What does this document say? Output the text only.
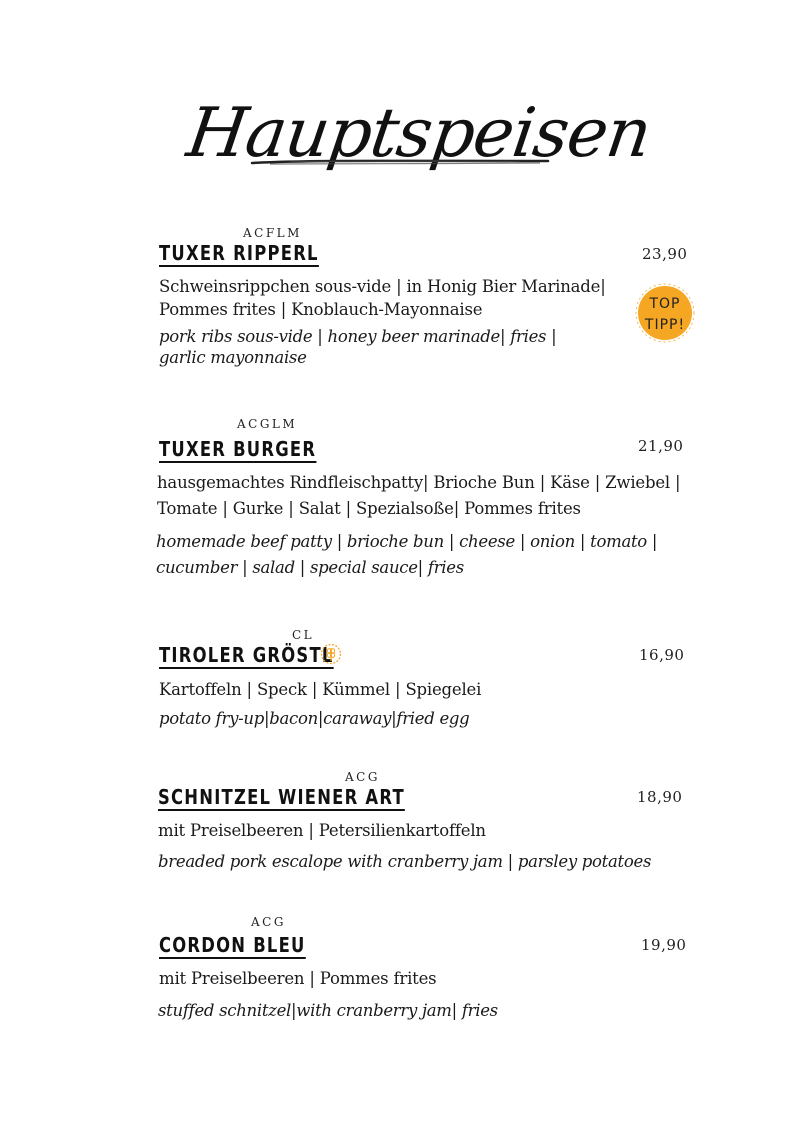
Hauptspeisen
ACFLM
TUXER RIPPERL	23,90
Schweinsrippchen sous-vide | in Honig Bier Marinade|
Pommes frites | Knoblauch-Mayonnaise
pork ribs sous-vide | honey beer marinade| fries |
garlic mayonnaise
TOP
TIPP!
ACGLM
TUXER BURGER	21,90
hausgemachtes Rindfleischpatty| Brioche Bun | Käse | Zwiebel |
Tomate | Gurke | Salat | Spezialsoße| Pommes frites
homemade beef patty | brioche bun | cheese | onion | tomato |
cucumber | salad | special sauce| fries
CL
TIROLER GRÖSTL	16,90
Kartoffeln | Speck | Kümmel | Spiegelei
potato fry-up|bacon|caraway|fried egg
ACG
SCHNITZEL WIENER ART	18,90
mit Preiselbeeren | Petersilienkartoffeln
breaded pork escalope with cranberry jam | parsley potatoes
ACG
CORDON BLEU	19,90
mit Preiselbeeren | Pommes frites
stuffed schnitzel|with cranberry jam| fries
